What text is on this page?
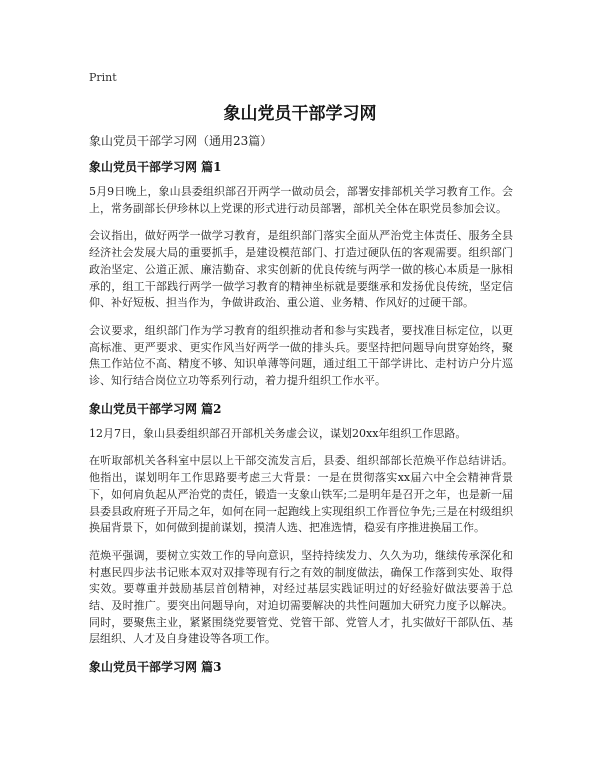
Print
象山党员干部学习网

象山党员干部学习网（通用23篇）

象山党员干部学习网 篇1

5月9日晚上，象山县委组织部召开两学一做动员会，部署安排部机关学习教育工作。会上，常务副部长伊珍林以上党课的形式进行动员部署，部机关全体在职党员参加会议。

会议指出，做好两学一做学习教育，是组织部门落实全面从严治党主体责任、服务全县经济社会发展大局的重要抓手，是建设模范部门、打造过硬队伍的客观需要。组织部门政治坚定、公道正派、廉洁勤奋、求实创新的优良传统与两学一做的核心本质是一脉相承的，组工干部践行两学一做学习教育的精神坐标就是要继承和发扬优良传统，坚定信仰、补好短板、担当作为，争做讲政治、重公道、业务精、作风好的过硬干部。

会议要求，组织部门作为学习教育的组织推动者和参与实践者，要找准目标定位，以更高标准、更严要求、更实作风当好两学一做的排头兵。要坚持把问题导向贯穿始终，聚焦工作站位不高、精度不够、知识单薄等问题，通过组工干部学讲比、走村访户分片巡诊、知行结合岗位立功等系列行动，着力提升组织工作水平。

象山党员干部学习网 篇2

12月7日，象山县委组织部召开部机关务虚会议，谋划20xx年组织工作思路。

在听取部机关各科室中层以上干部交流发言后，县委、组织部部长范焕平作总结讲话。他指出，谋划明年工作思路要考虑三大背景：一是在贯彻落实xx届六中全会精神背景下，如何肩负起从严治党的责任，锻造一支象山铁军;二是明年是召开之年，也是新一届县委县政府班子开局之年，如何在同一起跑线上实现组织工作晋位争先;三是在村级组织换届背景下，如何做到提前谋划，摸清人选、把准选情，稳妥有序推进换届工作。

范焕平强调，要树立实效工作的导向意识，坚持持续发力、久久为功，继续传承深化和村惠民四步法书记账本双对双排等现有行之有效的制度做法，确保工作落到实处、取得实效。要尊重并鼓励基层首创精神，对经过基层实践证明过的好经验好做法要善于总结、及时推广。要突出问题导向，对迫切需要解决的共性问题加大研究力度予以解决。同时，要聚焦主业，紧紧围绕党要管党、党管干部、党管人才，扎实做好干部队伍、基层组织、人才及自身建设等各项工作。

象山党员干部学习网 篇3
